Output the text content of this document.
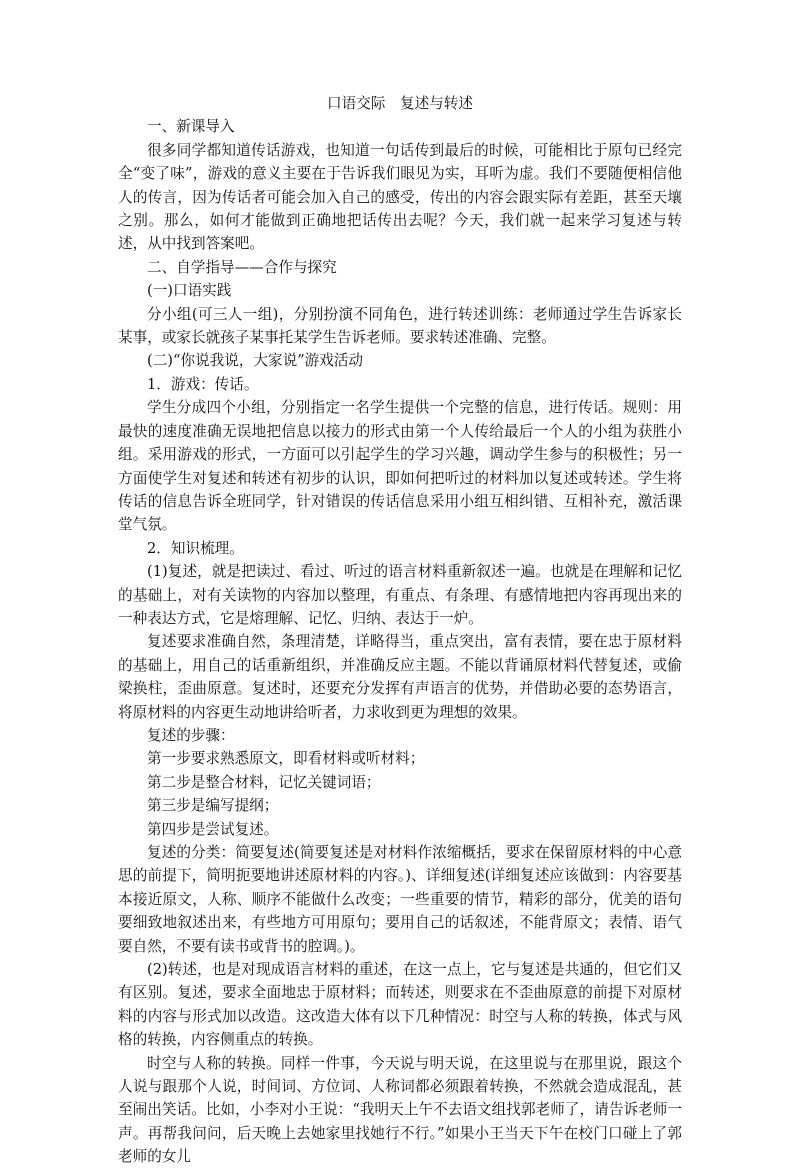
口语交际　复述与转述

一、新课导入

很多同学都知道传话游戏，也知道一句话传到最后的时候，可能相比于原句已经完全“变了味”，游戏的意义主要在于告诉我们眼见为实，耳听为虚。我们不要随便相信他人的传言，因为传话者可能会加入自己的感受，传出的内容会跟实际有差距，甚至天壤之别。那么，如何才能做到正确地把话传出去呢？今天，我们就一起来学习复述与转述，从中找到答案吧。

二、自学指导——合作与探究

(一)口语实践

分小组(可三人一组)，分别扮演不同角色，进行转述训练：老师通过学生告诉家长某事，或家长就孩子某事托某学生告诉老师。要求转述准确、完整。

(二)“你说我说，大家说”游戏活动

1．游戏：传话。

学生分成四个小组，分别指定一名学生提供一个完整的信息，进行传话。规则：用最快的速度准确无误地把信息以接力的形式由第一个人传给最后一个人的小组为获胜小组。采用游戏的形式，一方面可以引起学生的学习兴趣，调动学生参与的积极性；另一方面使学生对复述和转述有初步的认识，即如何把听过的材料加以复述或转述。学生将传话的信息告诉全班同学，针对错误的传话信息采用小组互相纠错、互相补充，激活课堂气氛。

2．知识梳理。

(1)复述，就是把读过、看过、听过的语言材料重新叙述一遍。也就是在理解和记忆的基础上，对有关读物的内容加以整理，有重点、有条理、有感情地把内容再现出来的一种表达方式，它是熔理解、记忆、归纳、表达于一炉。

复述要求准确自然，条理清楚，详略得当，重点突出，富有表情，要在忠于原材料的基础上，用自己的话重新组织，并准确反应主题。不能以背诵原材料代替复述，或偷梁换柱，歪曲原意。复述时，还要充分发挥有声语言的优势，并借助必要的态势语言，将原材料的内容更生动地讲给听者，力求收到更为理想的效果。

复述的步骤：

第一步要求熟悉原文，即看材料或听材料；

第二步是整合材料，记忆关键词语；

第三步是编写提纲；

第四步是尝试复述。

复述的分类：简要复述(简要复述是对材料作浓缩概括，要求在保留原材料的中心意思的前提下，简明扼要地讲述原材料的内容。)、详细复述(详细复述应该做到：内容要基本接近原文，人称、顺序不能做什么改变；一些重要的情节，精彩的部分，优美的语句要细致地叙述出来，有些地方可用原句；要用自己的话叙述，不能背原文；表情、语气要自然，不要有读书或背书的腔调。)。

(2)转述，也是对现成语言材料的重述，在这一点上，它与复述是共通的，但它们又有区别。复述，要求全面地忠于原材料；而转述，则要求在不歪曲原意的前提下对原材料的内容与形式加以改造。这改造大体有以下几种情况：时空与人称的转换，体式与风格的转换，内容侧重点的转换。

时空与人称的转换。同样一件事，今天说与明天说，在这里说与在那里说，跟这个人说与跟那个人说，时间词、方位词、人称词都必须跟着转换，不然就会造成混乱，甚至闹出笑话。比如，小李对小王说：“我明天上午不去语文组找郭老师了，请告诉老师一声。再帮我问问，后天晚上去她家里找她行不行。”如果小王当天下午在校门口碰上了郭老师的女儿
